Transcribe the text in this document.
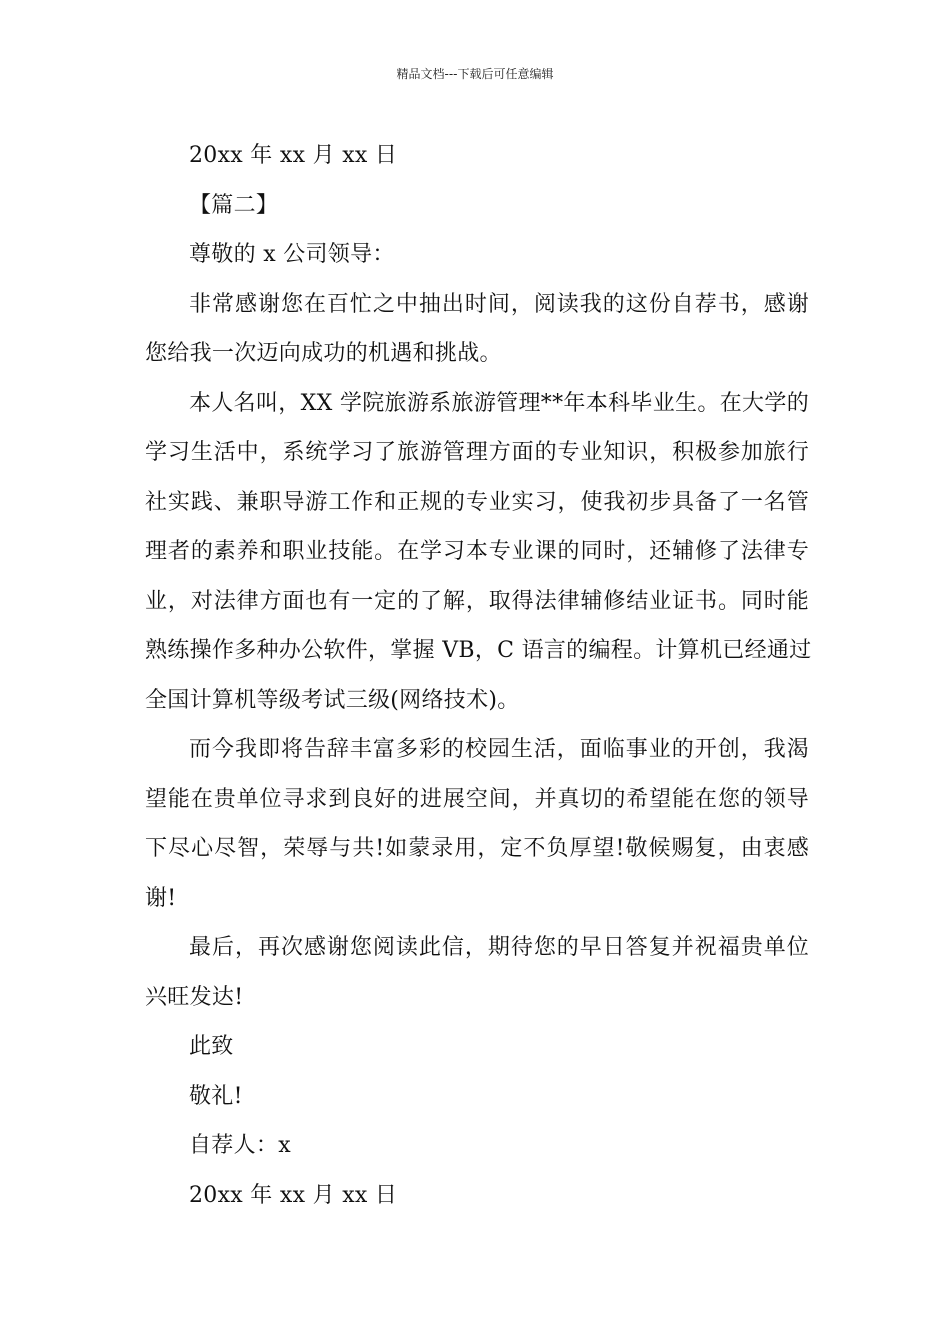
精品文档---下载后可任意编辑
20xx 年 xx 月 xx 日
【篇二】
尊敬的 x 公司领导：
非常感谢您在百忙之中抽出时间，阅读我的这份自荐书，感谢
您给我一次迈向成功的机遇和挑战。
本人名叫，XX 学院旅游系旅游管理**年本科毕业生。在大学的
学习生活中，系统学习了旅游管理方面的专业知识，积极参加旅行
社实践、兼职导游工作和正规的专业实习，使我初步具备了一名管
理者的素养和职业技能。在学习本专业课的同时，还辅修了法律专
业，对法律方面也有一定的了解，取得法律辅修结业证书。同时能
熟练操作多种办公软件，掌握 VB，C 语言的编程。计算机已经通过
全国计算机等级考试三级(网络技术)。
而今我即将告辞丰富多彩的校园生活，面临事业的开创，我渴
望能在贵单位寻求到良好的进展空间，并真切的希望能在您的领导
下尽心尽智，荣辱与共!如蒙录用，定不负厚望!敬候赐复，由衷感
谢!
最后，再次感谢您阅读此信，期待您的早日答复并祝福贵单位
兴旺发达!
此致
敬礼!
自荐人：x
20xx 年 xx 月 xx 日
